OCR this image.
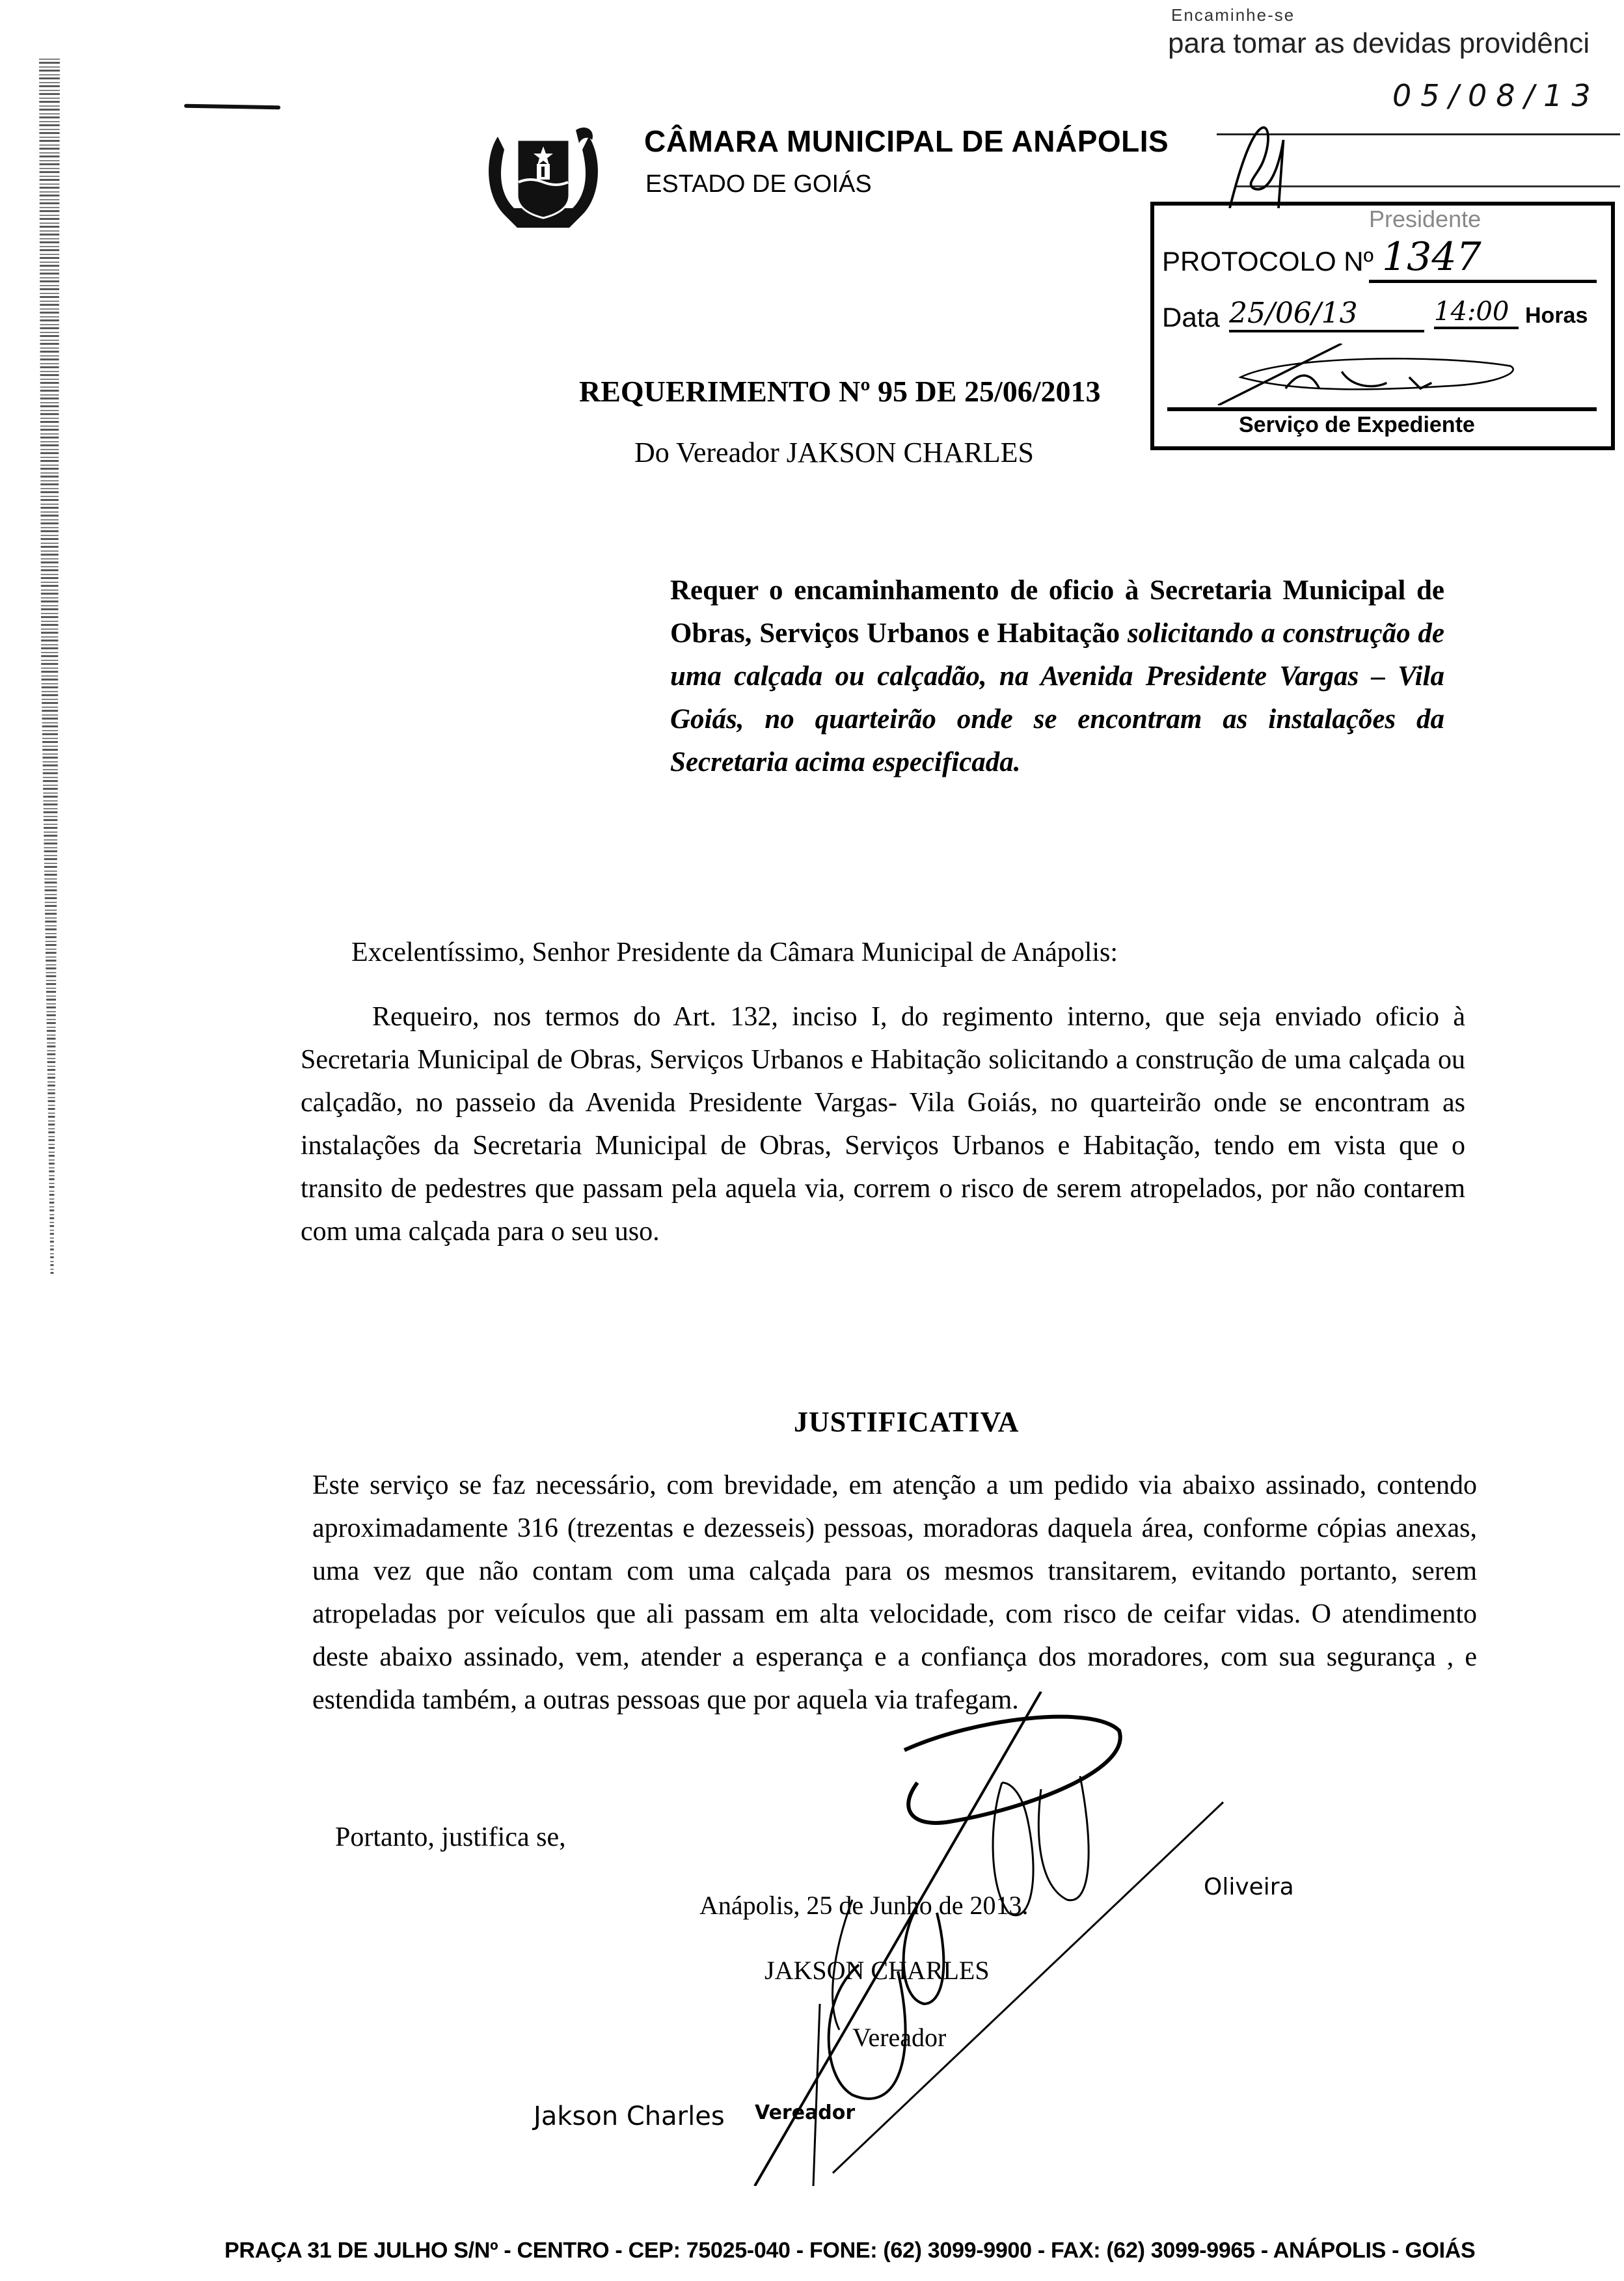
CÂMARA MUNICIPAL DE ANÁPOLIS
ESTADO DE GOIÁS
Encaminhe-se
para tomar as devidas providênci
05/08/13
Presidente
PROTOCOLO Nº 1347
Data 25/06/13	14:00 Horas
Serviço de Expediente
REQUERIMENTO Nº 95 DE 25/06/2013
Do Vereador JAKSON CHARLES
Requer o encaminhamento de oficio à Secretaria Municipal de Obras, Serviços Urbanos e Habitação solicitando a construção de uma calçada ou calçadão, na Avenida Presidente Vargas – Vila Goiás, no quarteirão onde se encontram as instalações da Secretaria acima especificada.
Excelentíssimo, Senhor Presidente da Câmara Municipal de Anápolis:
Requeiro, nos termos do Art. 132, inciso I, do regimento interno, que seja enviado oficio à Secretaria Municipal de Obras, Serviços Urbanos e Habitação solicitando a construção de uma calçada ou calçadão, no passeio da Avenida Presidente Vargas- Vila Goiás, no quarteirão onde se encontram as instalações da Secretaria Municipal de Obras, Serviços Urbanos e Habitação, tendo em vista que o transito de pedestres que passam pela aquela via, correm o risco de serem atropelados, por não contarem com uma calçada para o seu uso.
JUSTIFICATIVA
Este serviço se faz necessário, com brevidade, em atenção a um pedido via abaixo assinado, contendo aproximadamente 316 (trezentas e dezesseis) pessoas, moradoras daquela área, conforme cópias anexas, uma vez que não contam com uma calçada para os mesmos transitarem, evitando portanto, serem atropeladas por veículos que ali passam em alta velocidade, com risco de ceifar vidas. O atendimento deste abaixo assinado, vem, atender a esperança e a confiança dos moradores, com sua segurança , e estendida também, a outras pessoas que por aquela via trafegam.
Portanto, justifica se,
Anápolis, 25 de Junho de 2013.
JAKSON CHARLES
Vereador
Jakson Charles Vereador
Oliveira
PRAÇA 31 DE JULHO S/Nº - CENTRO - CEP: 75025-040 - FONE: (62) 3099-9900 - FAX: (62) 3099-9965 - ANÁPOLIS - GOIÁS
